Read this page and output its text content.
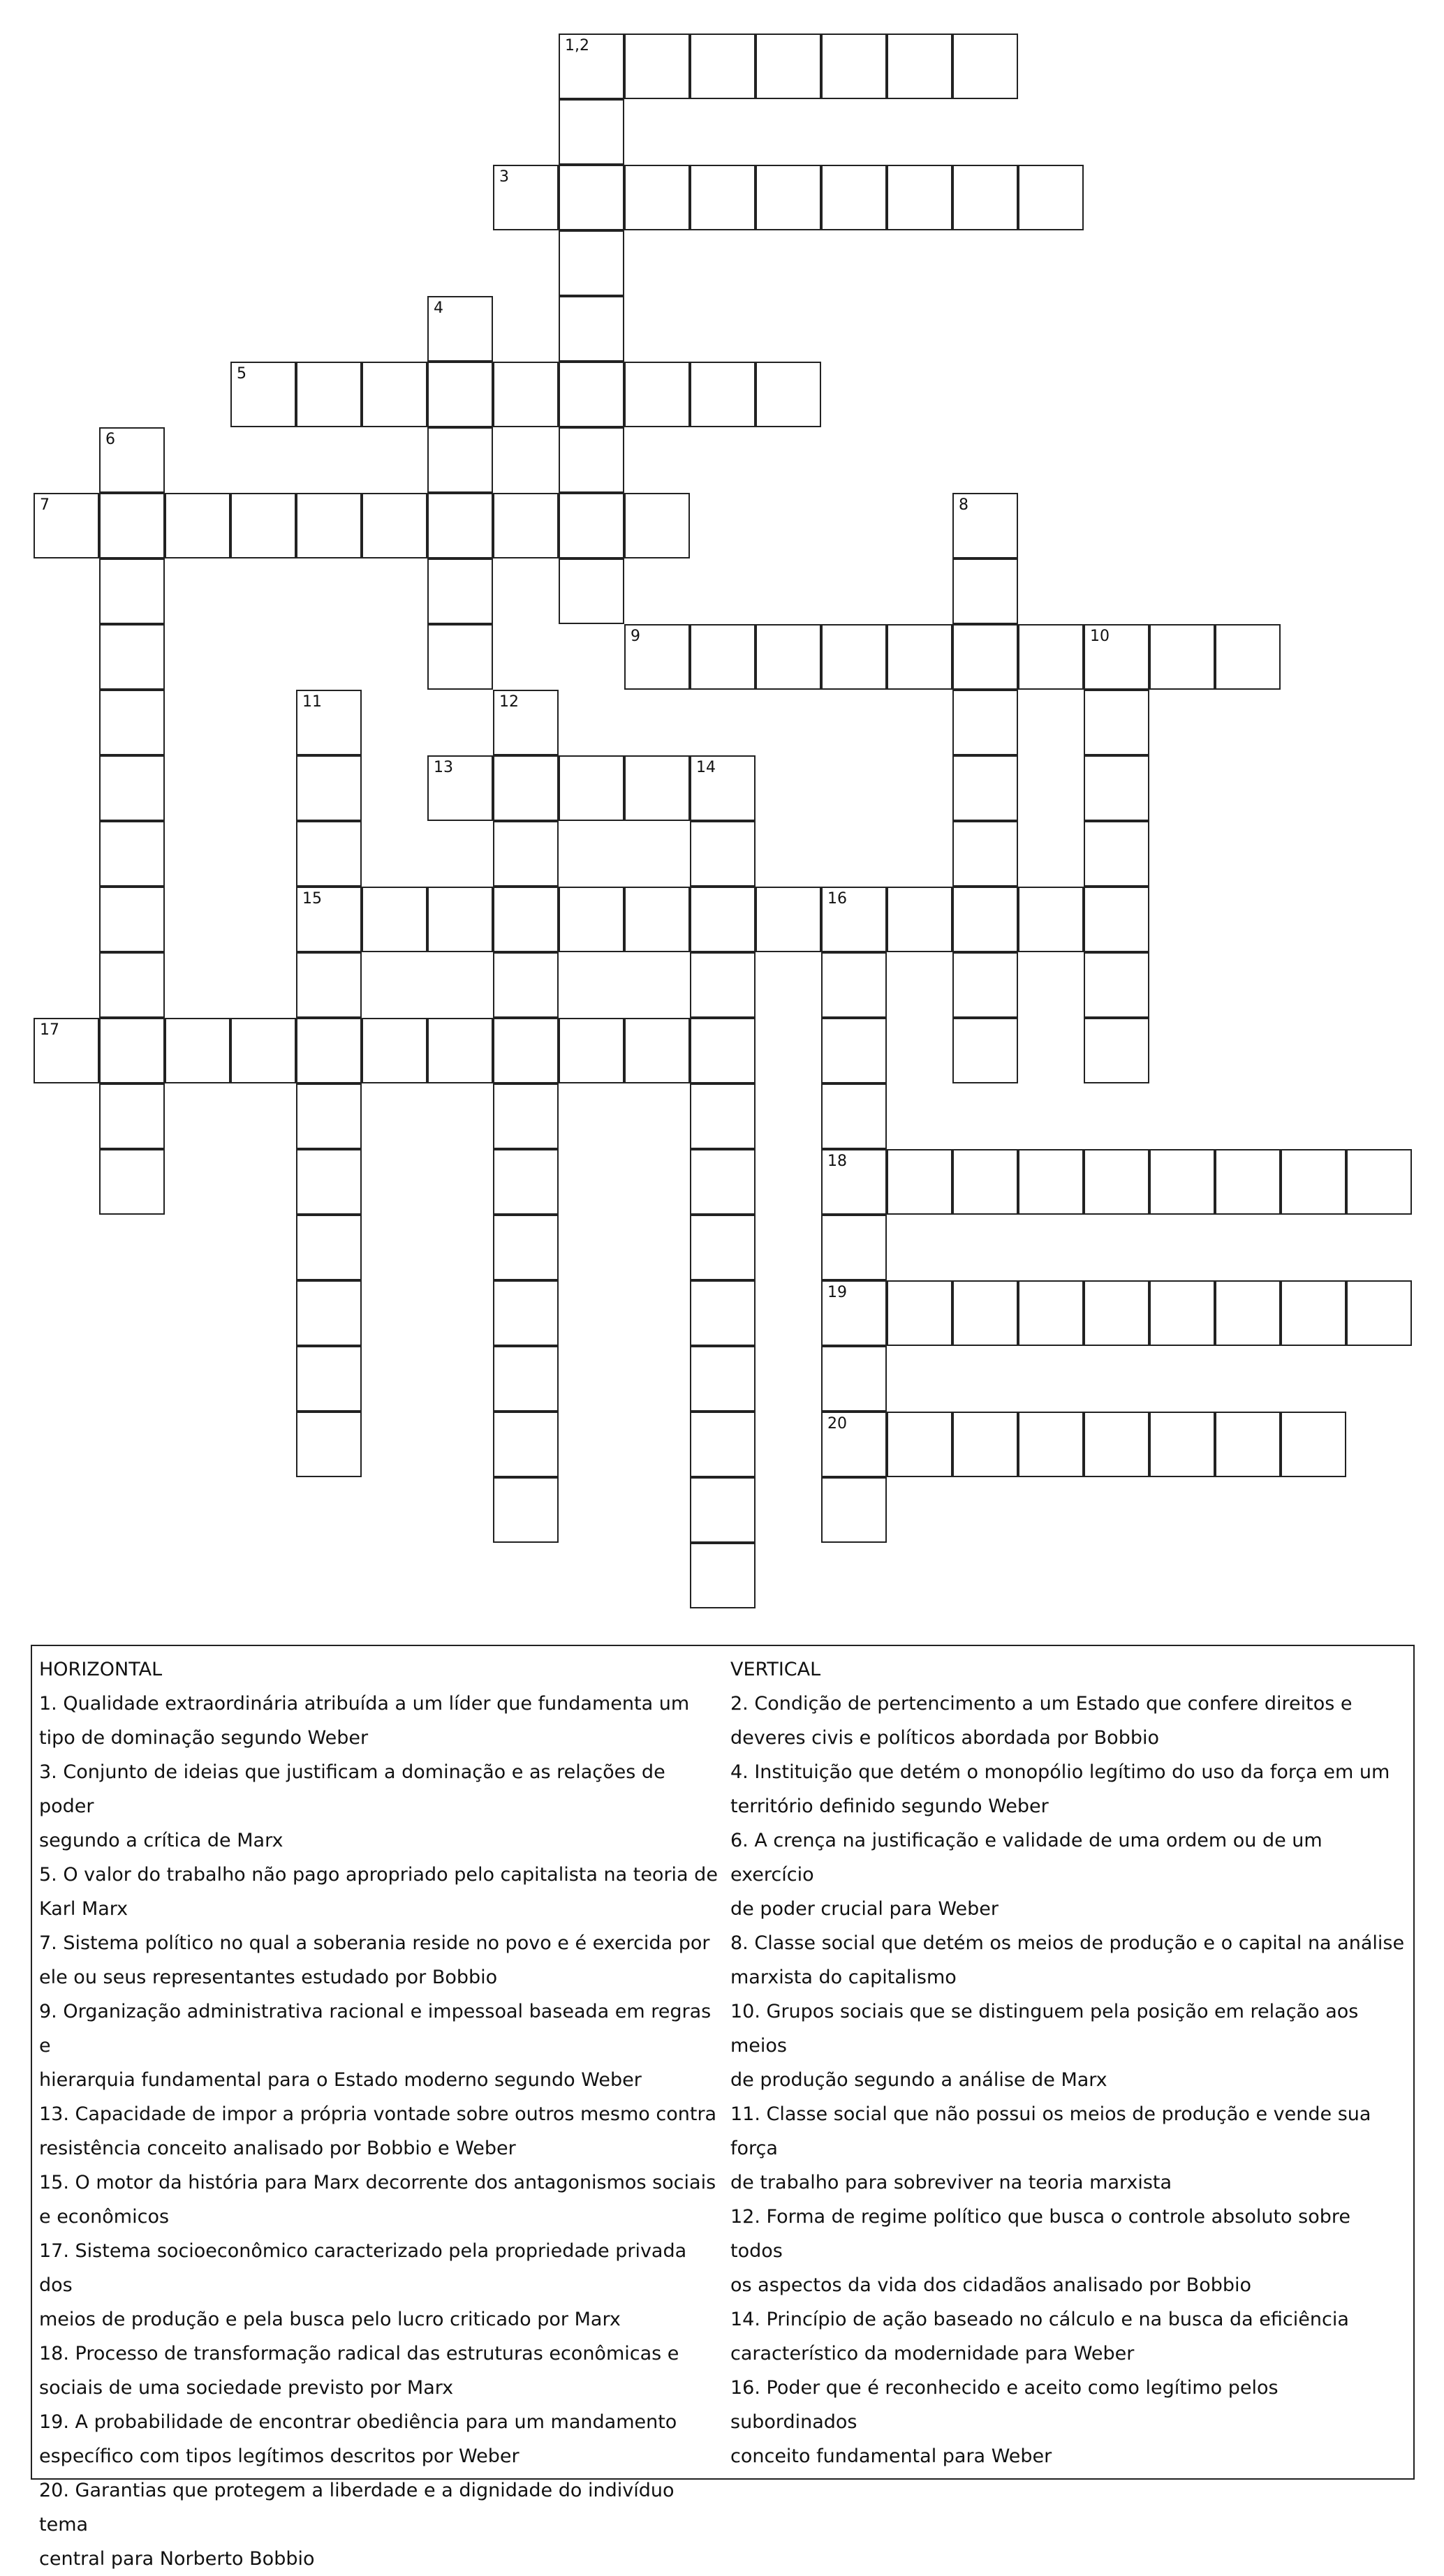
1,2
3
4
5
6
7	8
9	10
11	12
13	14
15	16
17
18
19
20
HORIZONTAL
1. Qualidade extraordinária atribuída a um líder que fundamenta um
tipo de dominação segundo Weber
3. Conjunto de ideias que justificam a dominação e as relações de poder
segundo a crítica de Marx
5. O valor do trabalho não pago apropriado pelo capitalista na teoria de
Karl Marx
7. Sistema político no qual a soberania reside no povo e é exercida por
ele ou seus representantes estudado por Bobbio
9. Organização administrativa racional e impessoal baseada em regras e
hierarquia fundamental para o Estado moderno segundo Weber
13. Capacidade de impor a própria vontade sobre outros mesmo contra
resistência conceito analisado por Bobbio e Weber
15. O motor da história para Marx decorrente dos antagonismos sociais
e econômicos
17. Sistema socioeconômico caracterizado pela propriedade privada dos
meios de produção e pela busca pelo lucro criticado por Marx
18. Processo de transformação radical das estruturas econômicas e
sociais de uma sociedade previsto por Marx
19. A probabilidade de encontrar obediência para um mandamento
específico com tipos legítimos descritos por Weber
20. Garantias que protegem a liberdade e a dignidade do indivíduo tema
central para Norberto Bobbio
VERTICAL
2. Condição de pertencimento a um Estado que confere direitos e
deveres civis e políticos abordada por Bobbio
4. Instituição que detém o monopólio legítimo do uso da força em um
território definido segundo Weber
6. A crença na justificação e validade de uma ordem ou de um exercício
de poder crucial para Weber
8. Classe social que detém os meios de produção e o capital na análise
marxista do capitalismo
10. Grupos sociais que se distinguem pela posição em relação aos meios
de produção segundo a análise de Marx
11. Classe social que não possui os meios de produção e vende sua força
de trabalho para sobreviver na teoria marxista
12. Forma de regime político que busca o controle absoluto sobre todos
os aspectos da vida dos cidadãos analisado por Bobbio
14. Princípio de ação baseado no cálculo e na busca da eficiência
característico da modernidade para Weber
16. Poder que é reconhecido e aceito como legítimo pelos subordinados
conceito fundamental para Weber
